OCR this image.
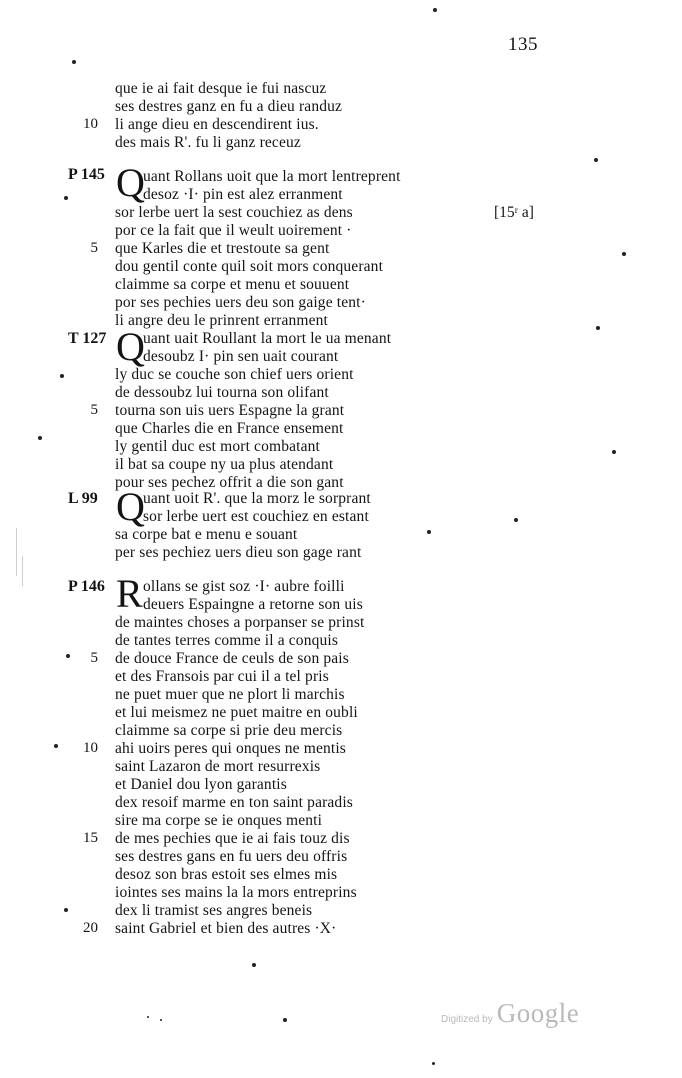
135
que ie ai fait desque ie fui nascuz
ses destres ganz en fu a dieu randuz
li ange dieu en descendirent ius.
des mais R'. fu li ganz receuz
10
P 145 Q
uant Rollans uoit que la mort lentreprent
desoz ·I· pin est alez erranment
sor lerbe uert la sest couchiez as dens
por ce la fait que il weult uoirement ·
que Karles die et trestoute sa gent
dou gentil conte quil soit mors conquerant
claimme sa corpe et menu et souuent
por ses pechies uers deu son gaige tent·
li angre deu le prinrent erranment
5
[15ʳ a]
T 127 Q
uant uait Roullant la mort le ua menant
desoubz I· pin sen uait courant
ly duc se couche son chief uers orient
de dessoubz lui tourna son olifant
tourna son uis uers Espagne la grant
que Charles die en France ensement
ly gentil duc est mort combatant
il bat sa coupe ny ua plus atendant
pour ses pechez offrit a die son gant
5
L 99 Q
uant uoit R'. que la morz le sorprant
sor lerbe uert est couchiez en estant
sa corpe bat e menu e souant
per ses pechiez uers dieu son gage rant
P 146 R ollans se gist soz ·I· aubre foilli
deuers Espaingne a retorne son uis
de maintes choses a porpanser se prinst
de tantes terres comme il a conquis
de douce France de ceuls de son pais
et des Fransois par cui il a tel pris
ne puet muer que ne plort li marchis
et lui meismez ne puet maitre en oubli
claimme sa corpe si prie deu mercis
ahi uoirs peres qui onques ne mentis
saint Lazaron de mort resurrexis
et Daniel dou lyon garantis
dex resoif marme en ton saint paradis
sire ma corpe se ie onques menti
de mes pechies que ie ai fais touz dis
ses destres gans en fu uers deu offris
desoz son bras estoit ses elmes mis
iointes ses mains la la mors entreprins
dex li tramist ses angres beneis
saint Gabriel et bien des autres ·X·
5
10
15
20
Digitized by Google
